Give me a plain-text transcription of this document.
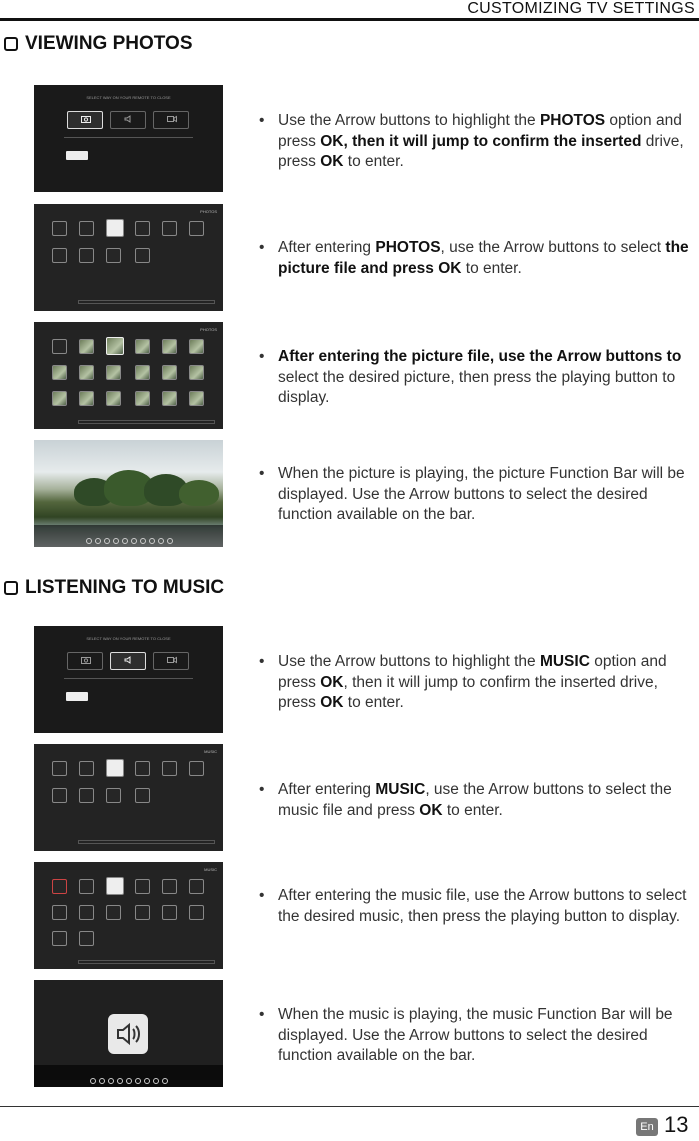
CUSTOMIZING TV SETTINGS
VIEWING PHOTOS
SELECT WAY ON YOUR REMOTE TO CLOSE
PHOTOS
PHOTOS
• Use the Arrow buttons to highlight the PHOTOS option and press OK, then it will jump to confirm the inserted drive, press OK to enter.
• After entering PHOTOS, use the Arrow buttons to select the picture file and press OK to enter.
• After entering the picture file, use the Arrow buttons to select the desired picture, then press the playing button to display.
• When the picture is playing, the picture Function Bar will be displayed. Use the Arrow buttons to select the desired function available on the bar.
LISTENING TO MUSIC
SELECT WAY ON YOUR REMOTE TO CLOSE
MUSIC
MUSIC
• Use the Arrow buttons to highlight the MUSIC option and press OK, then it will jump to confirm the inserted drive, press OK to enter.
• After entering MUSIC, use the Arrow buttons to select the music file and press OK to enter.
• After entering the music file, use the Arrow buttons to select the desired music, then press the playing button to display.
• When the music is playing, the music Function Bar will be displayed. Use the Arrow buttons to select the desired function available on the bar.
En 13
